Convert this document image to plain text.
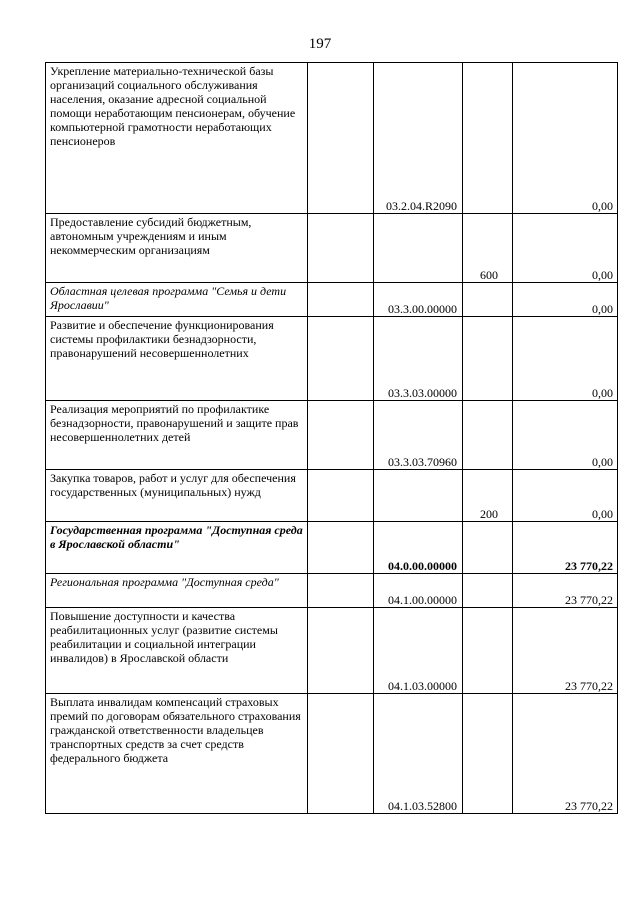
197
Укрепление материально-технической базы организаций социального обслуживания населения, оказание адресной социальной помощи неработающим пенсионерам, обучение компьютерной грамотности неработающих пенсионеров		03.2.04.R2090		0,00
Предоставление субсидий бюджетным, автономным учреждениям и иным некоммерческим организациям			600	0,00
Областная целевая программа "Семья и дети Ярославии"		03.3.00.00000		0,00
Развитие и обеспечение функционирования системы профилактики безнадзорности, правонарушений несовершеннолетних		03.3.03.00000		0,00
Реализация мероприятий по профилактике безнадзорности, правонарушений и защите прав несовершеннолетних детей		03.3.03.70960		0,00
Закупка товаров, работ и услуг для обеспечения государственных (муниципальных) нужд			200	0,00
Государственная программа "Доступная среда в Ярославской области"		04.0.00.00000		23 770,22
Региональная программа "Доступная среда"		04.1.00.00000		23 770,22
Повышение доступности и качества реабилитационных услуг (развитие системы реабилитации и социальной интеграции инвалидов) в Ярославской области		04.1.03.00000		23 770,22
Выплата инвалидам компенсаций страховых премий по договорам обязательного страхования гражданской ответственности владельцев транспортных средств за счет средств федерального бюджета		04.1.03.52800		23 770,22
